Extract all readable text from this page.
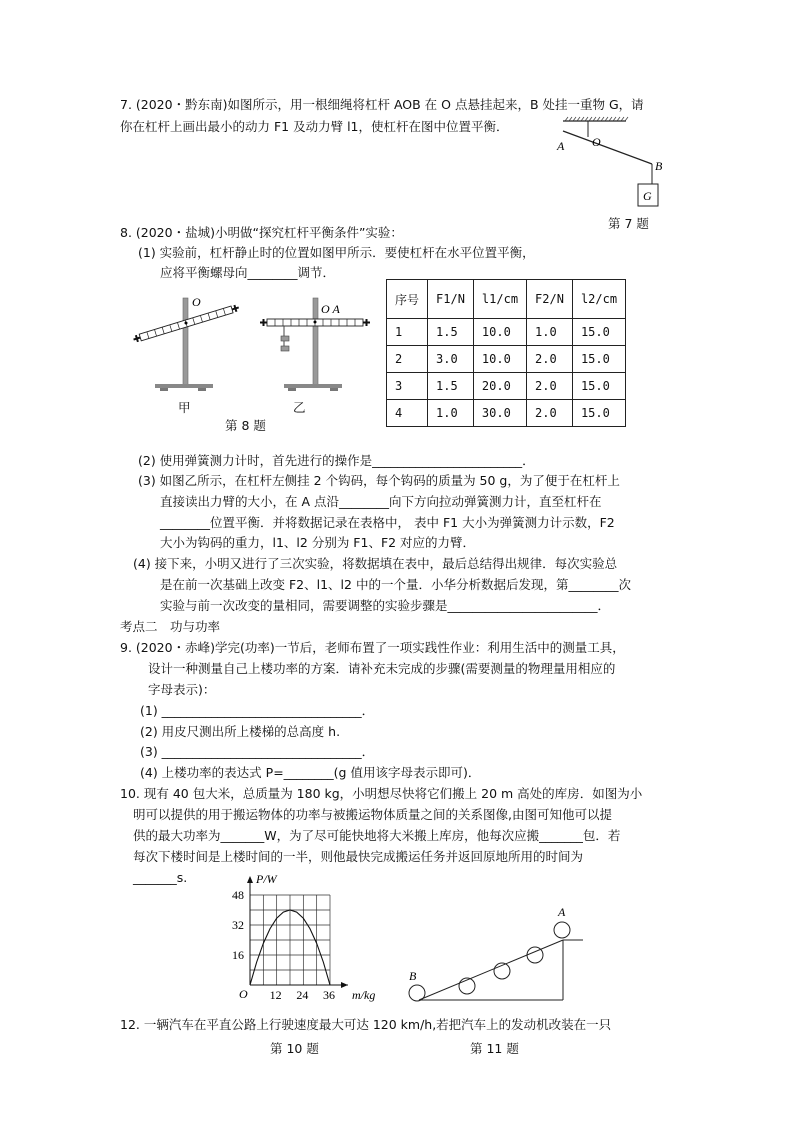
7. (2020・黔东南)如图所示，用一根细绳将杠杆 AOB 在 O 点悬挂起来，B 处挂一重物 G，请
你在杠杆上画出最小的动力 F1 及动力臂 l1，使杠杆在图中位置平衡．
A O
B
G
O	O A
12 24 36
16
32
48
O
P/W
m/kg
B
A
第 7 题
8. (2020・盐城)小明做“探究杠杆平衡条件”实验：
(1) 实验前，杠杆静止时的位置如图甲所示．要使杠杆在水平位置平衡，
应将平衡螺母向________调节．
甲	乙
第 8 题
序号	F1/N	l1/cm	F2/N	l2/cm
1	1.5	10.0	1.0	15.0
2	3.0	10.0	2.0	15.0
3	1.5	20.0	2.0	15.0
4	1.0	30.0	2.0	15.0
(2) 使用弹簧测力计时，首先进行的操作是________________________．
(3) 如图乙所示，在杠杆左侧挂 2 个钩码，每个钩码的质量为 50 g，为了便于在杠杆上
直接读出力臂的大小，在 A 点沿________向下方向拉动弹簧测力计，直至杠杆在
________位置平衡．并将数据记录在表格中， 表中 F1 大小为弹簧测力计示数，F2
大小为钩码的重力，l1、l2 分别为 F1、F2 对应的力臂．
(4) 接下来，小明又进行了三次实验，将数据填在表中，最后总结得出规律．每次实验总
是在前一次基础上改变 F2、l1、l2 中的一个量．小华分析数据后发现，第________次
实验与前一次改变的量相同，需要调整的实验步骤是________________________．
考点二　功与功率
9. (2020・赤峰)学完(功率)一节后，老师布置了一项实践性作业：利用生活中的测量工具，
设计一种测量自己上楼功率的方案．请补充未完成的步骤(需要测量的物理量用相应的
字母表示)：
(1) ________________________________．
(2) 用皮尺测出所上楼梯的总高度 h.
(3) ________________________________．
(4) 上楼功率的表达式 P=________(g 值用该字母表示即可)．
10. 现有 40 包大米，总质量为 180 kg，小明想尽快将它们搬上 20 m 高处的库房．如图为小
明可以提供的用于搬运物体的功率与被搬运物体质量之间的关系图像,由图可知他可以提
供的最大功率为_______W，为了尽可能快地将大米搬上库房，他每次应搬_______包．若
每次下楼时间是上楼时间的一半，则他最快完成搬运任务并返回原地所用的时间为
_______s.
12. 一辆汽车在平直公路上行驶速度最大可达 120 km/h,若把汽车上的发动机改装在一只
第 10 题	第 11 题
